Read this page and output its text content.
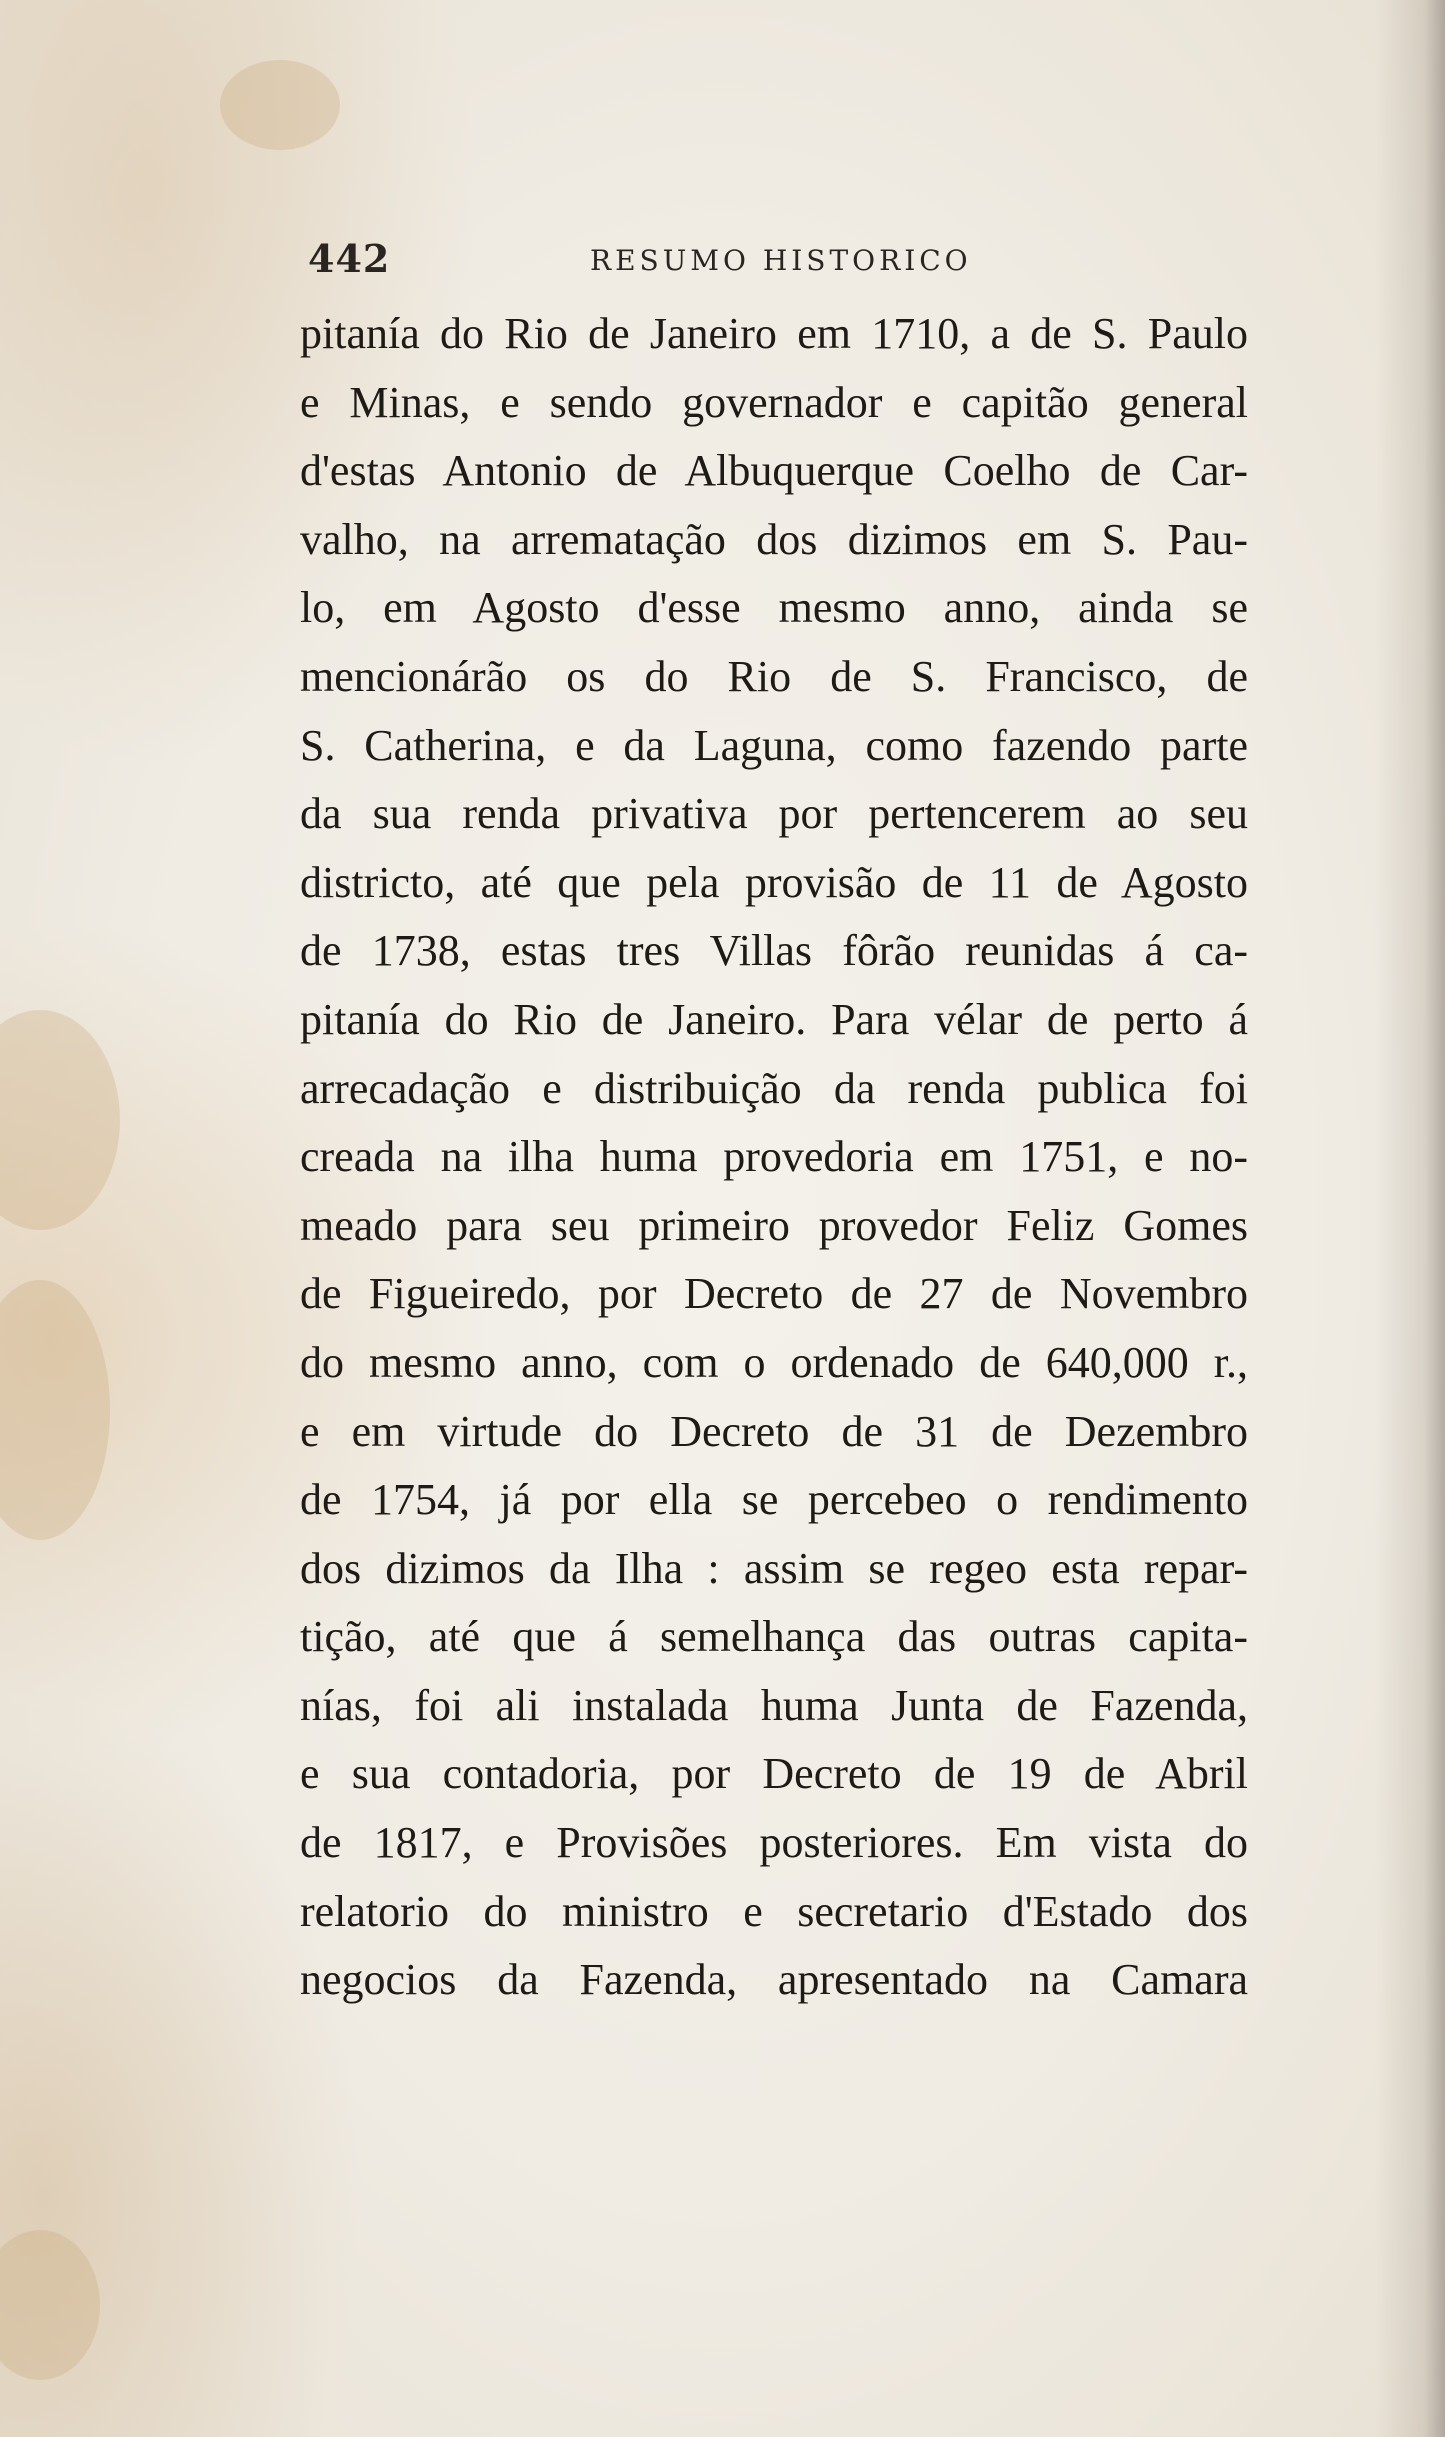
442	RESUMO HISTORICO
pitanía do Rio de Janeiro em 1710, a de S. Paulo
e Minas, e sendo governador e capitão general
d'estas Antonio de Albuquerque Coelho de Car-
valho, na arrematação dos dizimos em S. Pau-
lo, em Agosto d'esse mesmo anno, ainda se
mencionárão os do Rio de S. Francisco, de
S. Catherina, e da Laguna, como fazendo parte
da sua renda privativa por pertencerem ao seu
districto, até que pela provisão de 11 de Agosto
de 1738, estas tres Villas fôrão reunidas á ca-
pitanía do Rio de Janeiro. Para vélar de perto á
arrecadação e distribuição da renda publica foi
creada na ilha huma provedoria em 1751, e no-
meado para seu primeiro provedor Feliz Gomes
de Figueiredo, por Decreto de 27 de Novembro
do mesmo anno, com o ordenado de 640,000 r.,
e em virtude do Decreto de 31 de Dezembro
de 1754, já por ella se percebeo o rendimento
dos dizimos da Ilha : assim se regeo esta repar-
tição, até que á semelhança das outras capita-
nías, foi ali instalada huma Junta de Fazenda,
e sua contadoria, por Decreto de 19 de Abril
de 1817, e Provisões posteriores. Em vista do
relatorio do ministro e secretario d'Estado dos
negocios da Fazenda, apresentado na Camara
